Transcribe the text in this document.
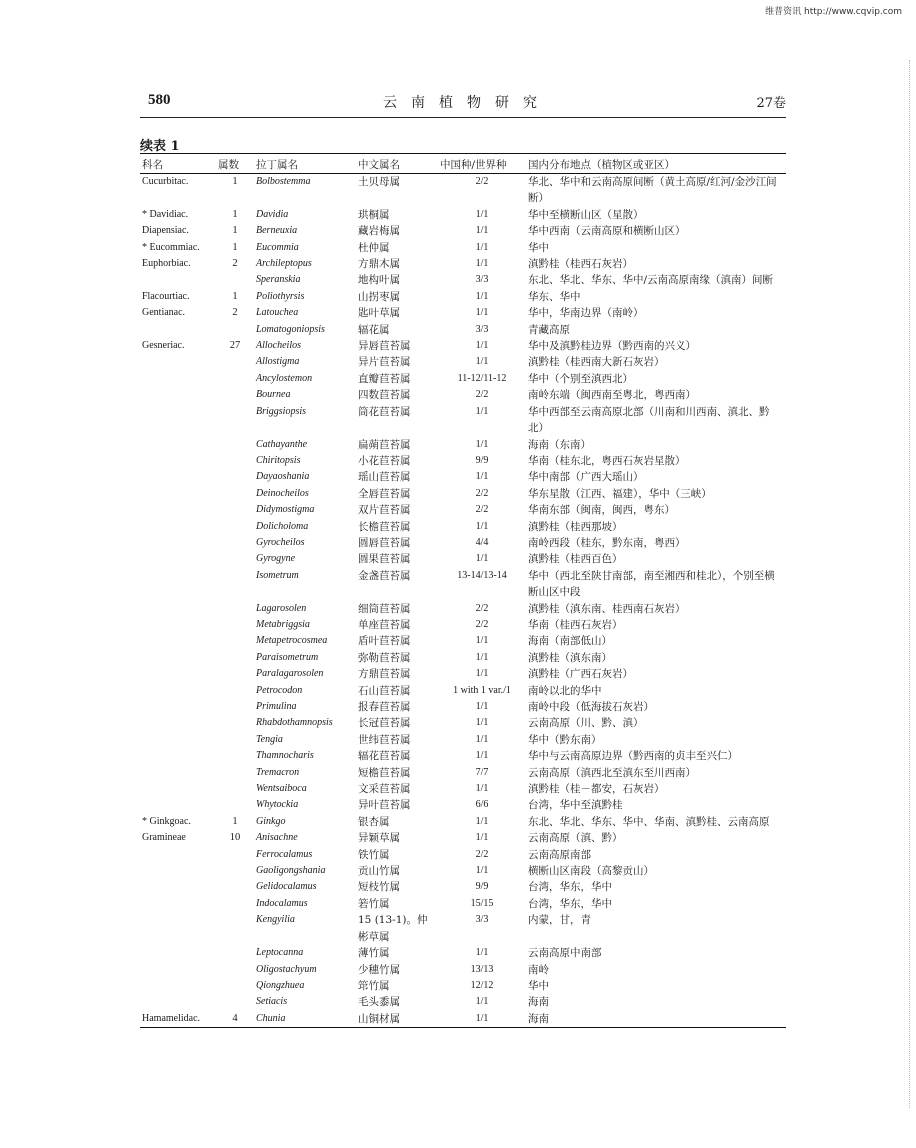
维普资讯 http://www.cqvip.com
580	云南植物研究	27卷
续表 1
科名	属数	拉丁属名	中文属名	中国种/世界种	国内分布地点（植物区或亚区）
Cucurbitac.	1	Bolbostemma	土贝母属	2/2	华北、华中和云南高原间断（黄土高原/红河/金沙江间断）
* Davidiac.	1	Davidia	珙桐属	1/1	华中至横断山区（星散）
Diapensiac.	1	Berneuxia	藏岩梅属	1/1	华中西南（云南高原和横断山区）
* Eucommiac.	1	Eucommia	杜仲属	1/1	华中
Euphorbiac.	2	Archileptopus	方鼎木属	1/1	滇黔桂（桂西石灰岩）
		Speranskia	地构叶属	3/3	东北、华北、华东、华中/云南高原南缘（滇南）间断
Flacourtiac.	1	Poliothyrsis	山拐枣属	1/1	华东、华中
Gentianac.	2	Latouchea	匙叶草属	1/1	华中，华南边界（南岭）
		Lomatogoniopsis	辐花属	3/3	青藏高原
Gesneriac.	27	Allocheilos	异唇苣苔属	1/1	华中及滇黔桂边界（黔西南的兴义）
		Allostigma	异片苣苔属	1/1	滇黔桂（桂西南大新石灰岩）
		Ancylostemon	直瓣苣苔属	11-12/11-12	华中（个别至滇西北）
		Bournea	四数苣苔属	2/2	南岭东端（闽西南至粤北，粤西南）
		Briggsiopsis	筒花苣苔属	1/1	华中西部至云南高原北部（川南和川西南、滇北、黔北）
		Cathayanthe	扁蒴苣苔属	1/1	海南（东南）
		Chiritopsis	小花苣苔属	9/9	华南（桂东北，粤西石灰岩星散）
		Dayaoshania	瑶山苣苔属	1/1	华中南部（广西大瑶山）
		Deinocheilos	全唇苣苔属	2/2	华东星散（江西、福建），华中（三峡）
		Didymostigma	双片苣苔属	2/2	华南东部（闽南，闽西，粤东）
		Dolicholoma	长檐苣苔属	1/1	滇黔桂（桂西那坡）
		Gyrocheilos	圆唇苣苔属	4/4	南岭西段（桂东，黔东南，粤西）
		Gyrogyne	圆果苣苔属	1/1	滇黔桂（桂西百色）
		Isometrum	金盏苣苔属	13-14/13-14	华中（西北至陕甘南部，南至湘西和桂北），个别至横断山区中段
		Lagarosolen	细筒苣苔属	2/2	滇黔桂（滇东南、桂西南石灰岩）
		Metabriggsia	单座苣苔属	2/2	华南（桂西石灰岩）
		Metapetrocosmea	盾叶苣苔属	1/1	海南（南部低山）
		Paraisometrum	弥勒苣苔属	1/1	滇黔桂（滇东南）
		Paralagarosolen	方鼎苣苔属	1/1	滇黔桂（广西石灰岩）
		Petrocodon	石山苣苔属	1 with 1 var./1	南岭以北的华中
		Primulina	报春苣苔属	1/1	南岭中段（低海拔石灰岩）
		Rhabdothamnopsis	长冠苣苔属	1/1	云南高原（川、黔、滇）
		Tengia	世纬苣苔属	1/1	华中（黔东南）
		Thamnocharis	辐花苣苔属	1/1	华中与云南高原边界（黔西南的贞丰至兴仁）
		Tremacron	短檐苣苔属	7/7	云南高原（滇西北至滇东至川西南）
		Wentsaiboca	文采苣苔属	1/1	滇黔桂（桂－都安，石灰岩）
		Whytockia	异叶苣苔属	6/6	台湾，华中至滇黔桂
* Ginkgoac.	1	Ginkgo	银杏属	1/1	东北、华北、华东、华中、华南、滇黔桂、云南高原
Gramineae	10	Anisachne	异颖草属	1/1	云南高原（滇、黔）
		Ferrocalamus	铁竹属	2/2	云南高原南部
		Gaoligongshania	贡山竹属	1/1	横断山区南段（高黎贡山）
		Gelidocalamus	短枝竹属	9/9	台湾，华东，华中
		Indocalamus	箬竹属	15/15	台湾，华东，华中
		Kengyilia	15 (13-1)。仲彬草属	3/3	内蒙，甘，青
		Leptocanna	薄竹属	1/1	云南高原中南部
		Oligostachyum	少穗竹属	13/13	南岭
		Qiongzhuea	筇竹属	12/12	华中
		Setiacis	毛头黍属	1/1	海南
Hamamelidac.	4	Chunia	山铜材属	1/1	海南
